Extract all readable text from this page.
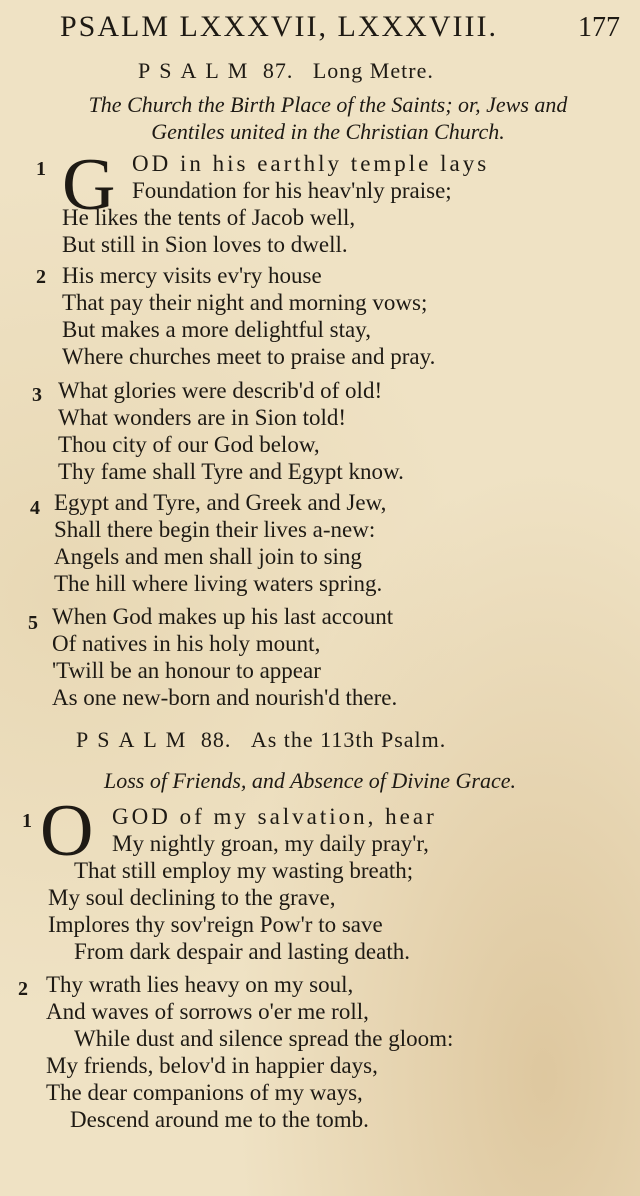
PSALM LXXXVII, LXXXVIII.	177
PSALM 87. Long Metre.
The Church the Birth Place of the Saints; or, Jews and
Gentiles united in the Christian Church.
1 G OD in his earthly temple lays
Foundation for his heav'nly praise;
He likes the tents of Jacob well,
But still in Sion loves to dwell.
2 His mercy visits ev'ry house
That pay their night and morning vows;
But makes a more delightful stay,
Where churches meet to praise and pray.
3 What glories were describ'd of old!
What wonders are in Sion told!
Thou city of our God below,
Thy fame shall Tyre and Egypt know.
4 Egypt and Tyre, and Greek and Jew,
Shall there begin their lives a-new:
Angels and men shall join to sing
The hill where living waters spring.
5 When God makes up his last account
Of natives in his holy mount,
'Twill be an honour to appear
As one new-born and nourish'd there.
PSALM 88. As the 113th Psalm.
Loss of Friends, and Absence of Divine Grace.
1 O GOD of my salvation, hear
My nightly groan, my daily pray'r,
That still employ my wasting breath;
My soul declining to the grave,
Implores thy sov'reign Pow'r to save
From dark despair and lasting death.
2 Thy wrath lies heavy on my soul,
And waves of sorrows o'er me roll,
While dust and silence spread the gloom:
My friends, belov'd in happier days,
The dear companions of my ways,
Descend around me to the tomb.
